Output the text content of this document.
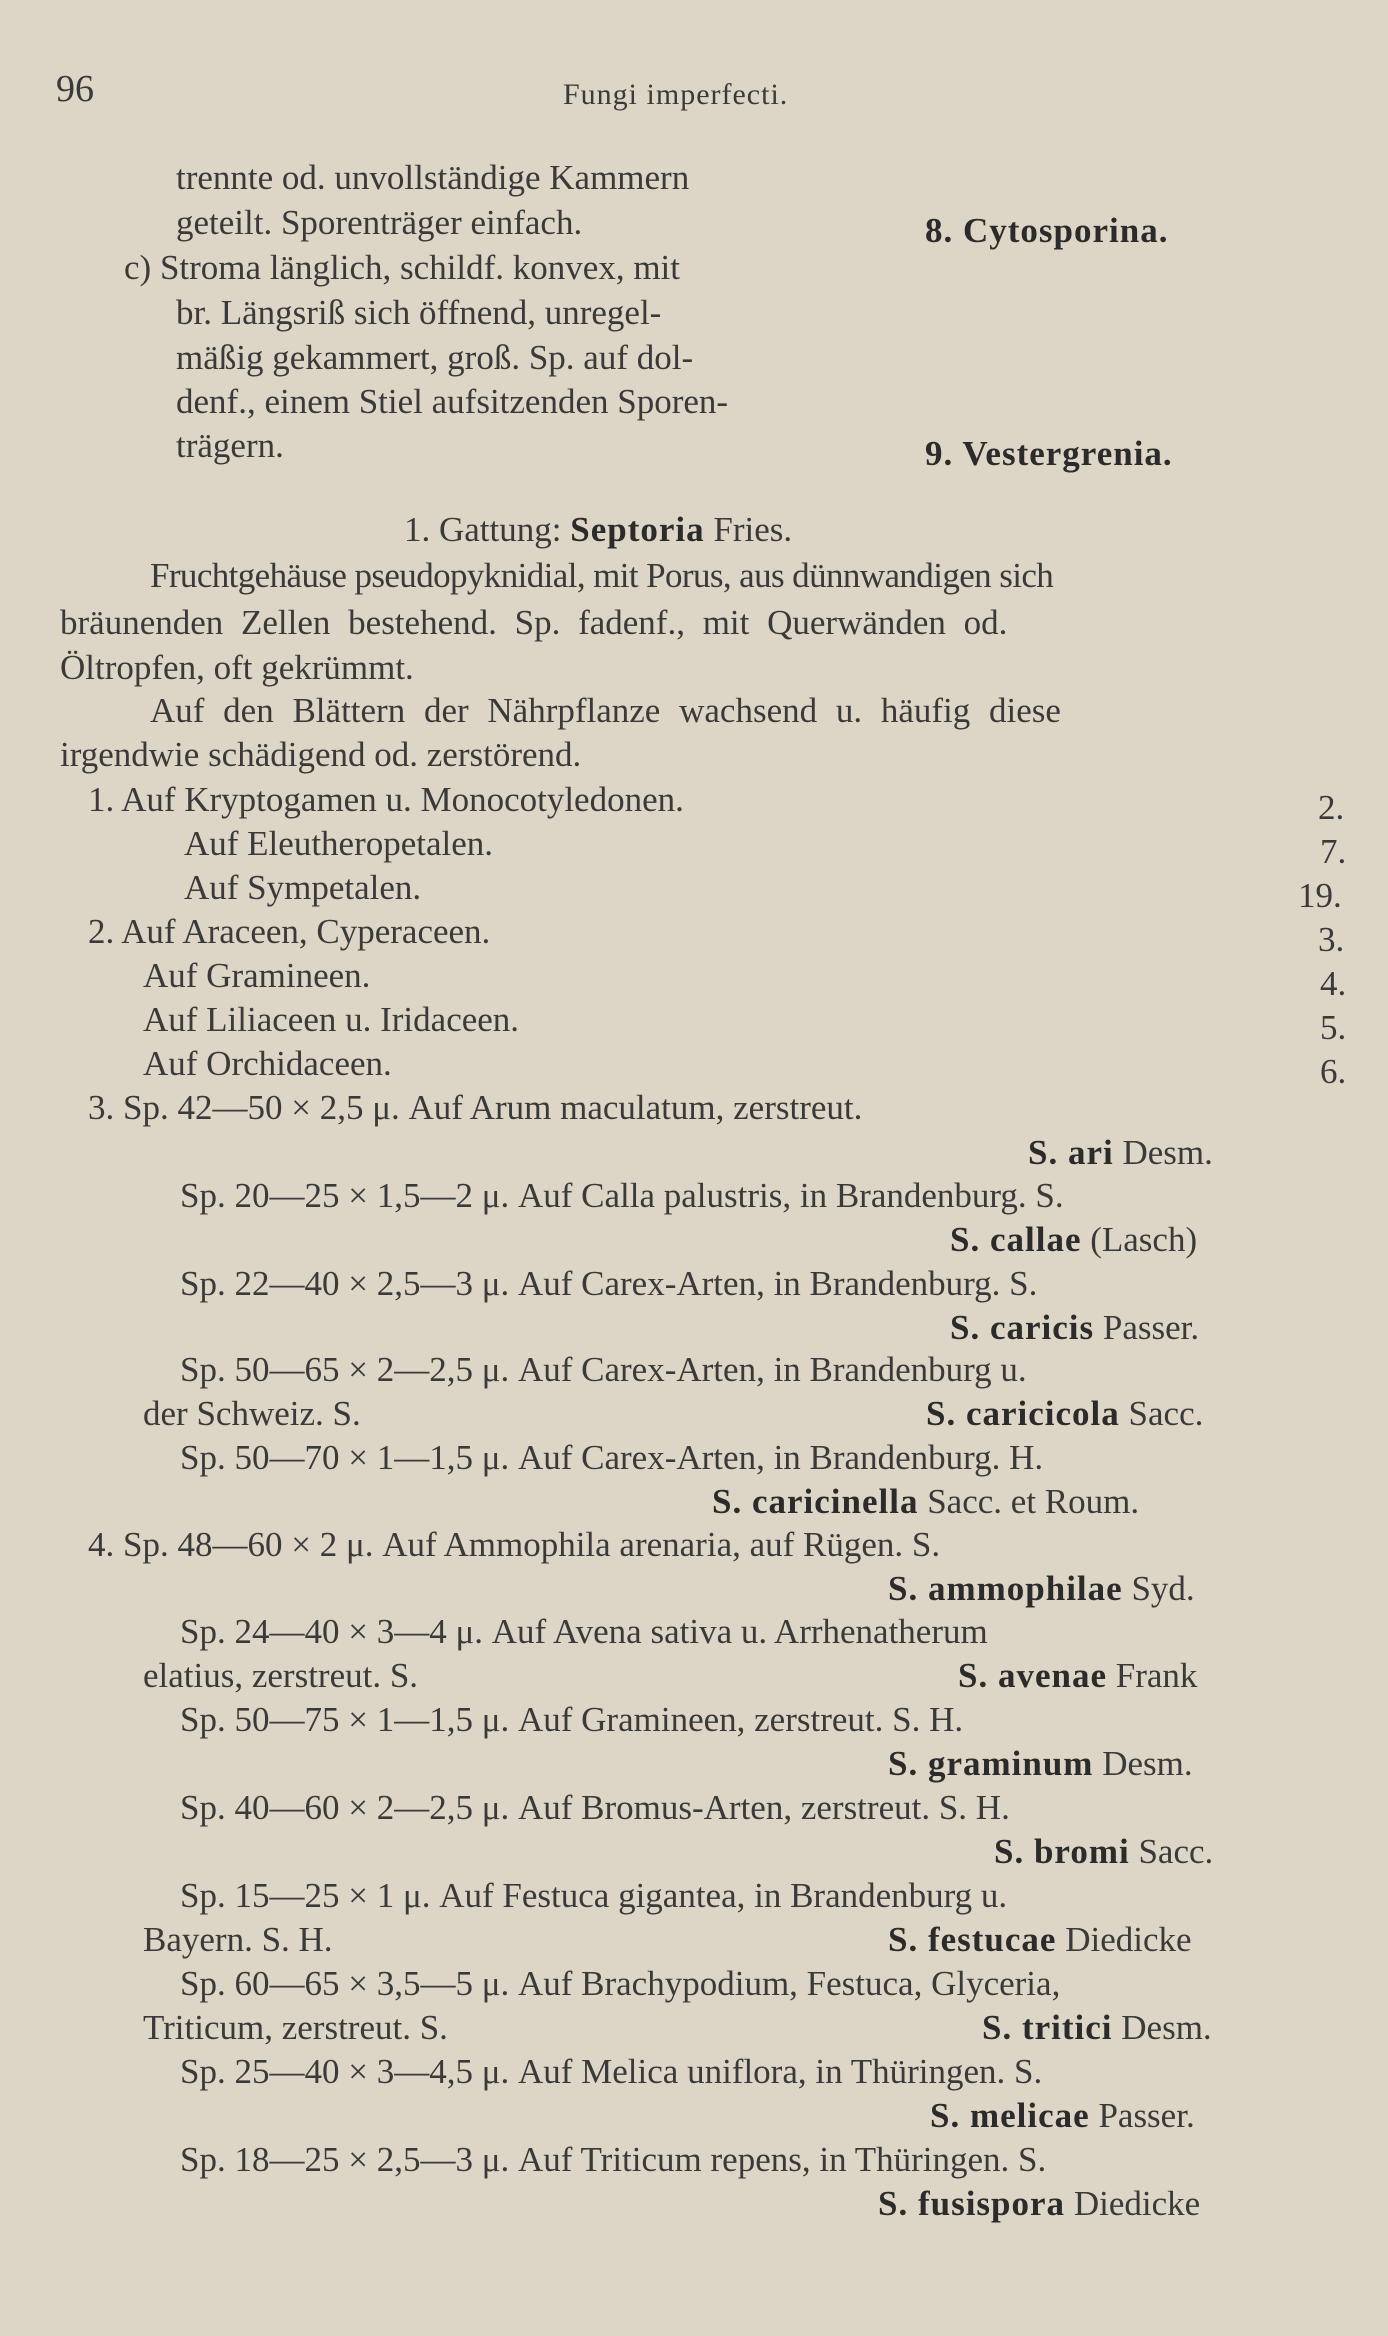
96	Fungi imperfecti.
trennte od. unvollständige Kammern
geteilt. Sporenträger einfach.	8. Cytosporina.
c) Stroma länglich, schildf. konvex, mit
br. Längsriß sich öffnend, unregel-
mäßig gekammert, groß. Sp. auf dol-
denf., einem Stiel aufsitzenden Sporen-
trägern.	9. Vestergrenia.
1. Gattung: Septoria Fries.
Fruchtgehäuse pseudopyknidial, mit Porus, aus dünnwandigen sich
bräunenden Zellen bestehend. Sp. fadenf., mit Querwänden od.
Öltropfen, oft gekrümmt.
Auf den Blättern der Nährpflanze wachsend u. häufig diese
irgendwie schädigend od. zerstörend.
1. Auf Kryptogamen u. Monocotyledonen.	2.
Auf Eleutheropetalen.	7.
Auf Sympetalen.	19.
2. Auf Araceen, Cyperaceen.	3.
Auf Gramineen.	4.
Auf Liliaceen u. Iridaceen.	5.
Auf Orchidaceen.	6.
3. Sp. 42—50 × 2,5 μ. Auf Arum maculatum, zerstreut.
S. ari Desm.
Sp. 20—25 × 1,5—2 μ. Auf Calla palustris, in Brandenburg. S.
S. callae (Lasch)
Sp. 22—40 × 2,5—3 μ. Auf Carex-Arten, in Brandenburg. S.
S. caricis Passer.
Sp. 50—65 × 2—2,5 μ. Auf Carex-Arten, in Brandenburg u.
der Schweiz. S.	S. caricicola Sacc.
Sp. 50—70 × 1—1,5 μ. Auf Carex-Arten, in Brandenburg. H.
S. caricinella Sacc. et Roum.
4. Sp. 48—60 × 2 μ. Auf Ammophila arenaria, auf Rügen. S.
S. ammophilae Syd.
Sp. 24—40 × 3—4 μ. Auf Avena sativa u. Arrhenatherum
elatius, zerstreut. S.	S. avenae Frank
Sp. 50—75 × 1—1,5 μ. Auf Gramineen, zerstreut. S. H.
S. graminum Desm.
Sp. 40—60 × 2—2,5 μ. Auf Bromus-Arten, zerstreut. S. H.
S. bromi Sacc.
Sp. 15—25 × 1 μ. Auf Festuca gigantea, in Brandenburg u.
Bayern. S. H.	S. festucae Diedicke
Sp. 60—65 × 3,5—5 μ. Auf Brachypodium, Festuca, Glyceria,
Triticum, zerstreut. S.	S. tritici Desm.
Sp. 25—40 × 3—4,5 μ. Auf Melica uniflora, in Thüringen. S.
S. melicae Passer.
Sp. 18—25 × 2,5—3 μ. Auf Triticum repens, in Thüringen. S.
S. fusispora Diedicke
